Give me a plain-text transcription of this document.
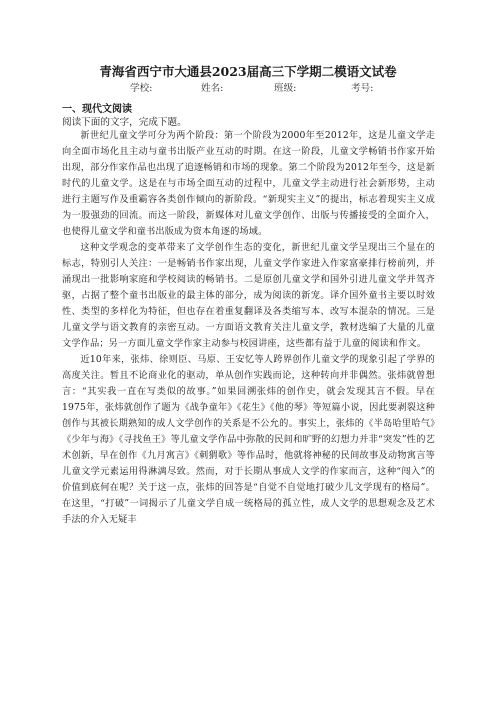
青海省西宁市大通县2023届高三下学期二模语文试卷
学校:	姓名:	班级:	考号:
一、现代文阅读
阅读下面的文字，完成下题。

新世纪儿童文学可分为两个阶段：第一个阶段为2000年至2012年，这是儿童文学走向全面市场化且主动与童书出版产业互动的时期。在这一阶段，儿童文学畅销书作家开始出现，部分作家作品也出现了追逐畅销和市场的现象。第二个阶段为2012年至今，这是新时代的儿童文学。这是在与市场全面互动的过程中，儿童文学主动进行社会新形势，主动进行主题写作及重霸容各类创作倾向的新阶段。“新现实主义”的提出，标志着现实主义成为一股强劲的回流。而这一阶段，新媒体对儿童文学创作、出版与传播接受的全面介入，也使得儿童文学和童书出版成为资本角逐的场域。

这种文学观念的变革带来了文学创作生态的变化，新世纪儿童文学呈现出三个显在的标志，特别引人关注：一是畅销书作家出现，儿童文学作家进入作家富豪排行榜前列，并涌现出一批影响家庭和学校阅读的畅销书。二是原创儿童文学和国外引进儿童文学并驾齐驱，占据了整个童书出版业的最主体的部分，成为阅读的新宠。译介国外童书主要以时效性、类型的多样化为特征，但也存在着重复翻译及各类缩写本、改写本混杂的情况。三是儿童文学与语文教育的亲密互动。一方面语文教育关注儿童文学，教材选编了大量的儿童文学作品；另一方面儿童文学作家主动参与校园讲座，这些都有益于儿童的阅读和作文。

近10年来，张炜、徐则臣、马原、王安忆等人跨界创作儿童文学的现象引起了学界的高度关注。暂且不论商业化的驱动，单从创作实践而论，这种转向并非偶然。张炜就曾想言：“其实我一直在写类似的故事。”如果回溯张炜的创作史，就会发现其言不假。早在1975年，张炜就创作了题为《战争童年》《花生》《他的琴》等短篇小说，因此要剥裂这种创作与其被长期熟知的成人文学创作的关系是不公允的。事实上，张炜的《半岛哈里哈气》《少年与海》《寻找鱼王》等儿童文学作品中弥散的民间和旷野的幻想力并非“突发”性的艺术创新，早在创作《九月寓言》《刺猬歌》等作品时，他就将神秘的民间故事及动物寓言等儿童文学元素运用得淋漓尽致。然而，对于长期从事成人文学的作家而言，这种“闯入”的价值到底何在呢？关于这一点，张炜的回答是“自觉不自觉地打破少儿文学现有的格局”。在这里，“打破”一词揭示了儿童文学自成一统格局的孤立性，成人文学的思想观念及艺术手法的介入无疑丰
